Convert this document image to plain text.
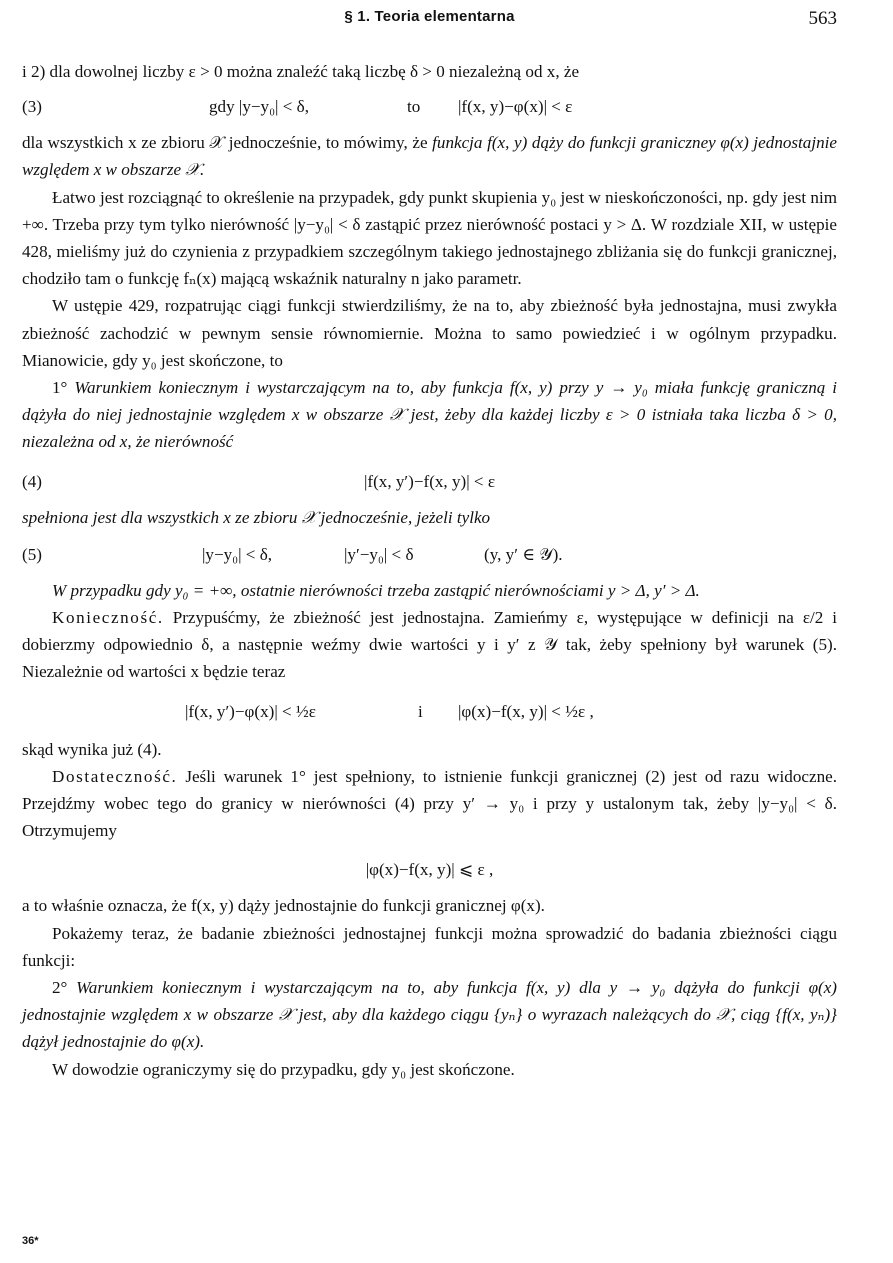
§ 1. Teoria elementarna	563

i 2) dla dowolnej liczby ε > 0 można znaleźć taką liczbę δ > 0 niezależną od x, że

(3)	gdy |y−y₀| < δ,	to |f(x, y)−φ(x)| < ε

dla wszystkich x ze zbioru 𝒳 jednocześnie, to mówimy, że funkcja f(x, y) dąży do funkcji graniczney φ(x) jednostajnie względem x w obszarze 𝒳.

Łatwo jest rozciągnąć to określenie na przypadek, gdy punkt skupienia y₀ jest w nieskończoności, np. gdy jest nim +∞. Trzeba przy tym tylko nierówność |y−y₀| < δ zastąpić przez nierówność postaci y > Δ. W rozdziale XII, w ustępie 428, mieliśmy już do czynienia z przypadkiem szczególnym takiego jednostajnego zbliżania się do funkcji granicznej, chodziło tam o funkcję fₙ(x) mającą wskaźnik naturalny n jako parametr.

W ustępie 429, rozpatrując ciągi funkcji stwierdziliśmy, że na to, aby zbieżność była jednostajna, musi zwykła zbieżność zachodzić w pewnym sensie równomiernie. Można to samo powiedzieć i w ogólnym przypadku. Mianowicie, gdy y₀ jest skończone, to

1° Warunkiem koniecznym i wystarczającym na to, aby funkcja f(x, y) przy y → y₀ miała funkcję graniczną i dążyła do niej jednostajnie względem x w obszarze 𝒳 jest, żeby dla każdej liczby ε > 0 istniała taka liczba δ > 0, niezależna od x, że nierówność

(4)	|f(x, y′)−f(x, y)| < ε

spełniona jest dla wszystkich x ze zbioru 𝒳 jednocześnie, jeżeli tylko

(5)	|y−y₀| < δ,	|y′−y₀| < δ	(y, y′ ∈ 𝒴).

W przypadku gdy y₀ = +∞, ostatnie nierówności trzeba zastąpić nierównościami y > Δ, y′ > Δ.

Konieczność. Przypuśćmy, że zbieżność jest jednostajna. Zamieńmy ε, występujące w definicji na ε/2 i dobierzmy odpowiednio δ, a następnie weźmy dwie wartości y i y′ z 𝒴 tak, żeby spełniony był warunek (5). Niezależnie od wartości x będzie teraz

|f(x, y′)−φ(x)| < ½ε	i |φ(x)−f(x, y)| < ½ε ,

skąd wynika już (4).

Dostateczność. Jeśli warunek 1° jest spełniony, to istnienie funkcji granicznej (2) jest od razu widoczne. Przejdźmy wobec tego do granicy w nierówności (4) przy y′ → y₀ i przy y ustalonym tak, żeby |y−y₀| < δ. Otrzymujemy

|φ(x)−f(x, y)| ⩽ ε ,

a to właśnie oznacza, że f(x, y) dąży jednostajnie do funkcji granicznej φ(x).

Pokażemy teraz, że badanie zbieżności jednostajnej funkcji można sprowadzić do badania zbieżności ciągu funkcji:

2° Warunkiem koniecznym i wystarczającym na to, aby funkcja f(x, y) dla y → y₀ dążyła do funkcji φ(x) jednostajnie względem x w obszarze 𝒳 jest, aby dla każdego ciągu {yₙ} o wyrazach należących do 𝒳, ciąg {f(x, yₙ)} dążył jednostajnie do φ(x).

W dowodzie ograniczymy się do przypadku, gdy y₀ jest skończone.

36*
